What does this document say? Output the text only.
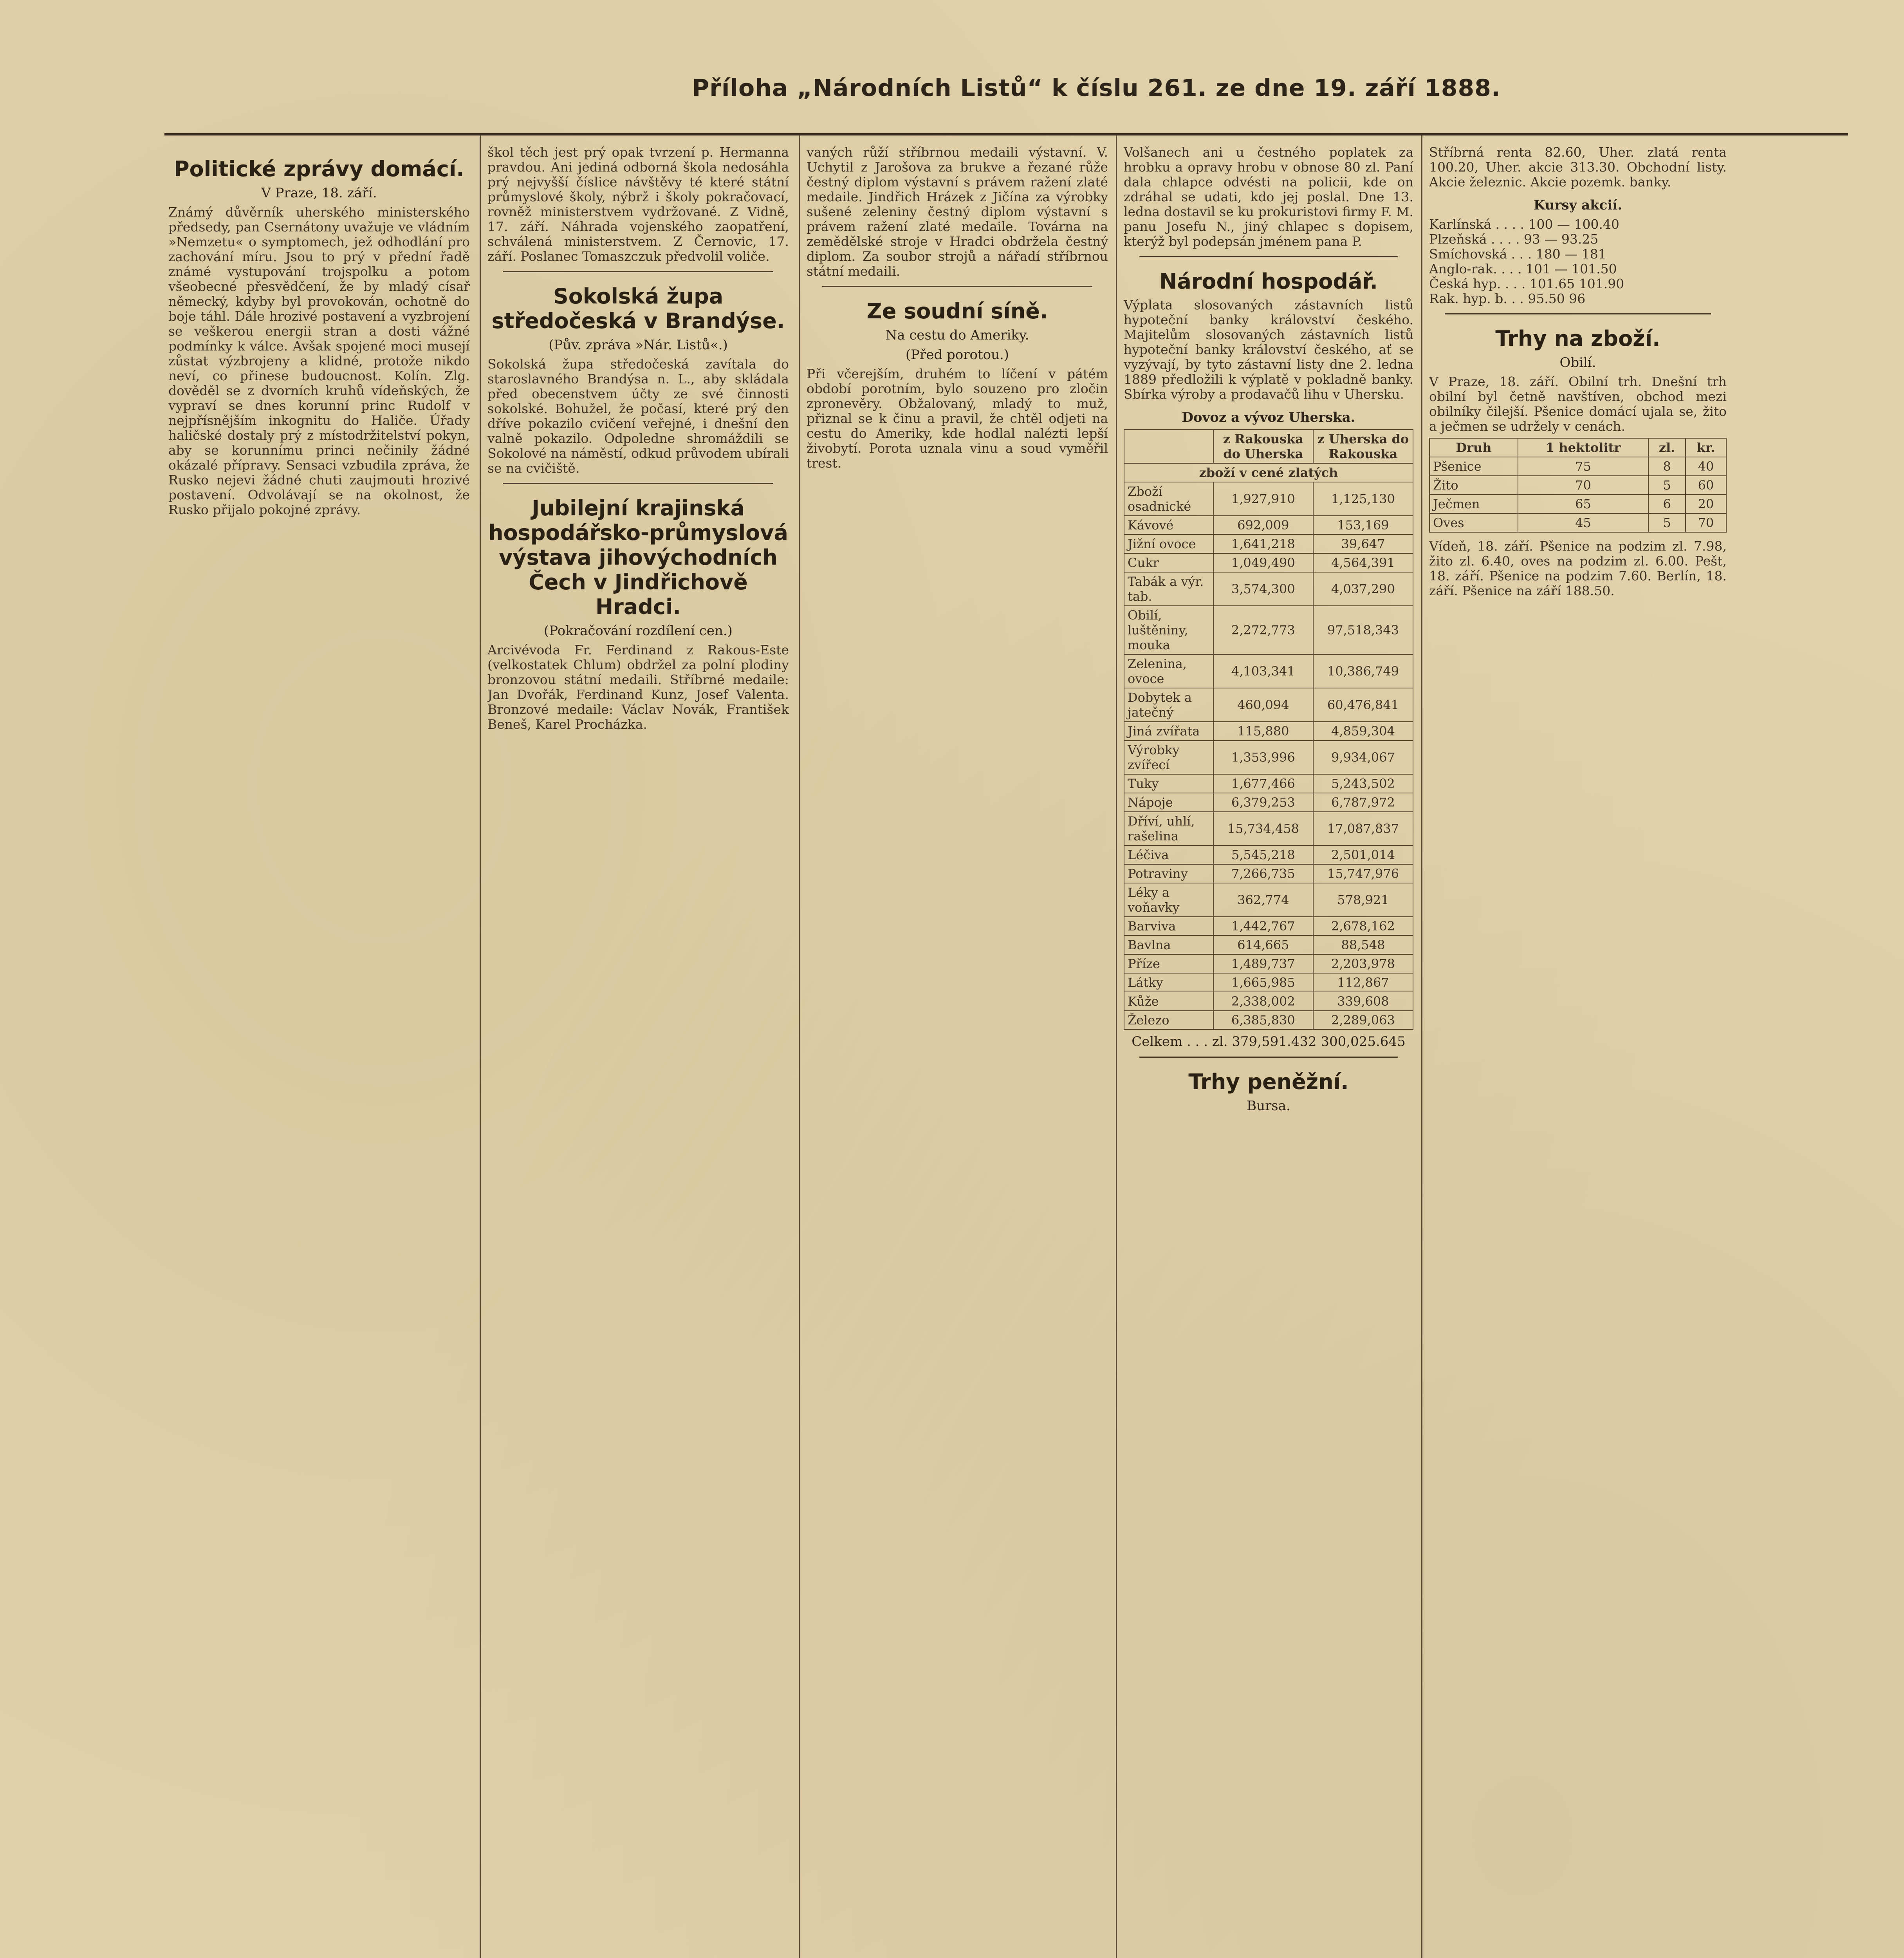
Příloha „Národních Listů“ k číslu 261. ze dne 19. září 1888.
Politické zprávy domácí.
V Praze, 18. září.

Známý důvěrník uherského ministerského předsedy, pan Csernátony uvažuje ve vládním »Nemzetu« o symptomech, jež odhodlání pro zachování míru. Jsou to prý v přední řadě známé vystupování trojspolku a potom všeobecné přesvědčení, že by mladý císař německý, kdyby byl provokován, ochotně do boje táhl. Dále hrozivé postavení a vyzbrojení se veškerou energii stran a dosti vážné podmínky k válce. Avšak spojené moci musejí zůstat výzbrojeny a klidné, protože nikdo neví, co přinese budoucnost. Kolín. Zlg. dověděl se z dvorních kruhů vídeňských, že vypraví se dnes korunní princ Rudolf v nejpřísnějším inkognitu do Haliče. Úřady haličské dostaly prý z místodržitelství pokyn, aby se korunnímu princi nečinily žádné okázalé přípravy. Sensaci vzbudila zpráva, že Rusko nejevi žádné chuti zaujmouti hrozivé postavení. Odvolávají se na okolnost, že Rusko přijalo pokojné zprávy.

škol těch jest prý opak tvrzení p. Hermanna pravdou. Ani jediná odborná škola nedosáhla prý nejvyšší číslice návštěvy té které státní průmyslové školy, nýbrž i školy pokračovací, rovněž ministerstvem vydržované. Z Vidně, 17. září. Náhrada vojenského zaopatření, schválená ministerstvem. Z Černovic, 17. září. Poslanec Tomaszczuk předvolil voliče.

Sokolská župa středočeská v Brandýse.
(Pův. zpráva »Nár. Listů«.)

Sokolská župa středočeská zavítala do staroslavného Brandýsa n. L., aby skládala před obecenstvem účty ze své činnosti sokolské. Bohužel, že počasí, které prý den dříve pokazilo cvičení veřejné, i dnešní den valně pokazilo. Odpoledne shromáždili se Sokolové na náměstí, odkud průvodem ubírali se na cvičiště.

Jubilejní krajinská hospodářsko-průmyslová výstava jihovýchodních Čech v Jindřichově Hradci.
(Pokračování rozdílení cen.)

Arcivévoda Fr. Ferdinand z Rakous-Este (velkostatek Chlum) obdržel za polní plodiny bronzovou státní medaili. Stříbrné medaile: Jan Dvořák, Ferdinand Kunz, Josef Valenta. Bronzové medaile: Václav Novák, František Beneš, Karel Procházka.

vaných růží stříbrnou medaili výstavní. V. Uchytil z Jarošova za brukve a řezané růže čestný diplom výstavní s právem ražení zlaté medaile. Jindřich Hrázek z Jičína za výrobky sušené zeleniny čestný diplom výstavní s právem ražení zlaté medaile. Továrna na zemědělské stroje v Hradci obdržela čestný diplom. Za soubor strojů a nářadí stříbrnou státní medaili.

Ze soudní síně.
Na cestu do Ameriky.
(Před porotou.)

Při včerejším, druhém to líčení v pátém období porotním, bylo souzeno pro zločin zpronevěry. Obžalovaný, mladý to muž, přiznal se k činu a pravil, že chtěl odjeti na cestu do Ameriky, kde hodlal nalézti lepší živobytí. Porota uznala vinu a soud vyměřil trest.

Volšanech ani u čestného poplatek za hrobku a opravy hrobu v obnose 80 zl. Paní dala chlapce odvésti na policii, kde on zdráhal se udati, kdo jej poslal. Dne 13. ledna dostavil se ku prokuristovi firmy F. M. panu Josefu N., jiný chlapec s dopisem, kterýž byl podepsán jménem pana P.

Národní hospodář.

Výplata slosovaných zástavních listů hypoteční banky království českého. Majitelům slosovaných zástavních listů hypoteční banky království českého, ať se vyzývají, by tyto zástavní listy dne 2. ledna 1889 předložili k výplatě v pokladně banky. Sbírka výroby a prodavačů lihu v Uhersku.

Dovoz a vývoz Uherska.
	z Rakouska do Uherska	z Uherska do Rakouska
zboží v cené zlatých		
Zboží osadnické	1,927,910	1,125,130
Kávové	692,009	153,169
Jižní ovoce	1,641,218	39,647
Cukr	1,049,490	4,564,391
Tabák a výr. tab.	3,574,300	4,037,290
Obilí, luštěniny, mouka	2,272,773	97,518,343
Zelenina, ovoce	4,103,341	10,386,749
Dobytek a jatečný	460,094	60,476,841
Jiná zvířata	115,880	4,859,304
Výrobky zvířecí	1,353,996	9,934,067
Tuky	1,677,466	5,243,502
Nápoje	6,379,253	6,787,972
Dříví, uhlí, rašelina	15,734,458	17,087,837
Léčiva	5,545,218	2,501,014
Potraviny	7,266,735	15,747,976
Léky a voňavky	362,774	578,921
Barviva	1,442,767	2,678,162
Bavlna	614,665	88,548
Příze	1,489,737	2,203,978
Látky	1,665,985	112,867
Kůže	2,338,002	339,608
Železo	6,385,830	2,289,063
Celkem . . . zl. 379,591.432 300,025.645
Trhy peněžní.
Bursa.

Stříbrná renta 82.60, Uher. zlatá renta 100.20, Uher. akcie 313.30. Obchodní listy. Akcie železnic. Akcie pozemk. banky.

Kursy akcií.

Karlínská . . . . 100 — 100.40

Plzeňská . . . . 93 — 93.25

Smíchovská . . . 180 — 181

Anglo-rak. . . . 101 — 101.50

Česká hyp. . . . 101.65 101.90

Rak. hyp. b. . . 95.50 96

Trhy na zboží.
Obilí.

V Praze, 18. září. Obilní trh. Dnešní trh obilní byl četně navštíven, obchod mezi obilníky čilejší. Pšenice domácí ujala se, žito a ječmen se udržely v cenách.

Druh	1 hektolitr	zl.	kr.
Pšenice	75	8	40
Žito	70	5	60
Ječmen	65	6	20
Oves	45	5	70

Vídeň, 18. září. Pšenice na podzim zl. 7.98, žito zl. 6.40, oves na podzim zl. 6.00. Pešt, 18. září. Pšenice na podzim 7.60. Berlín, 18. září. Pšenice na září 188.50.
